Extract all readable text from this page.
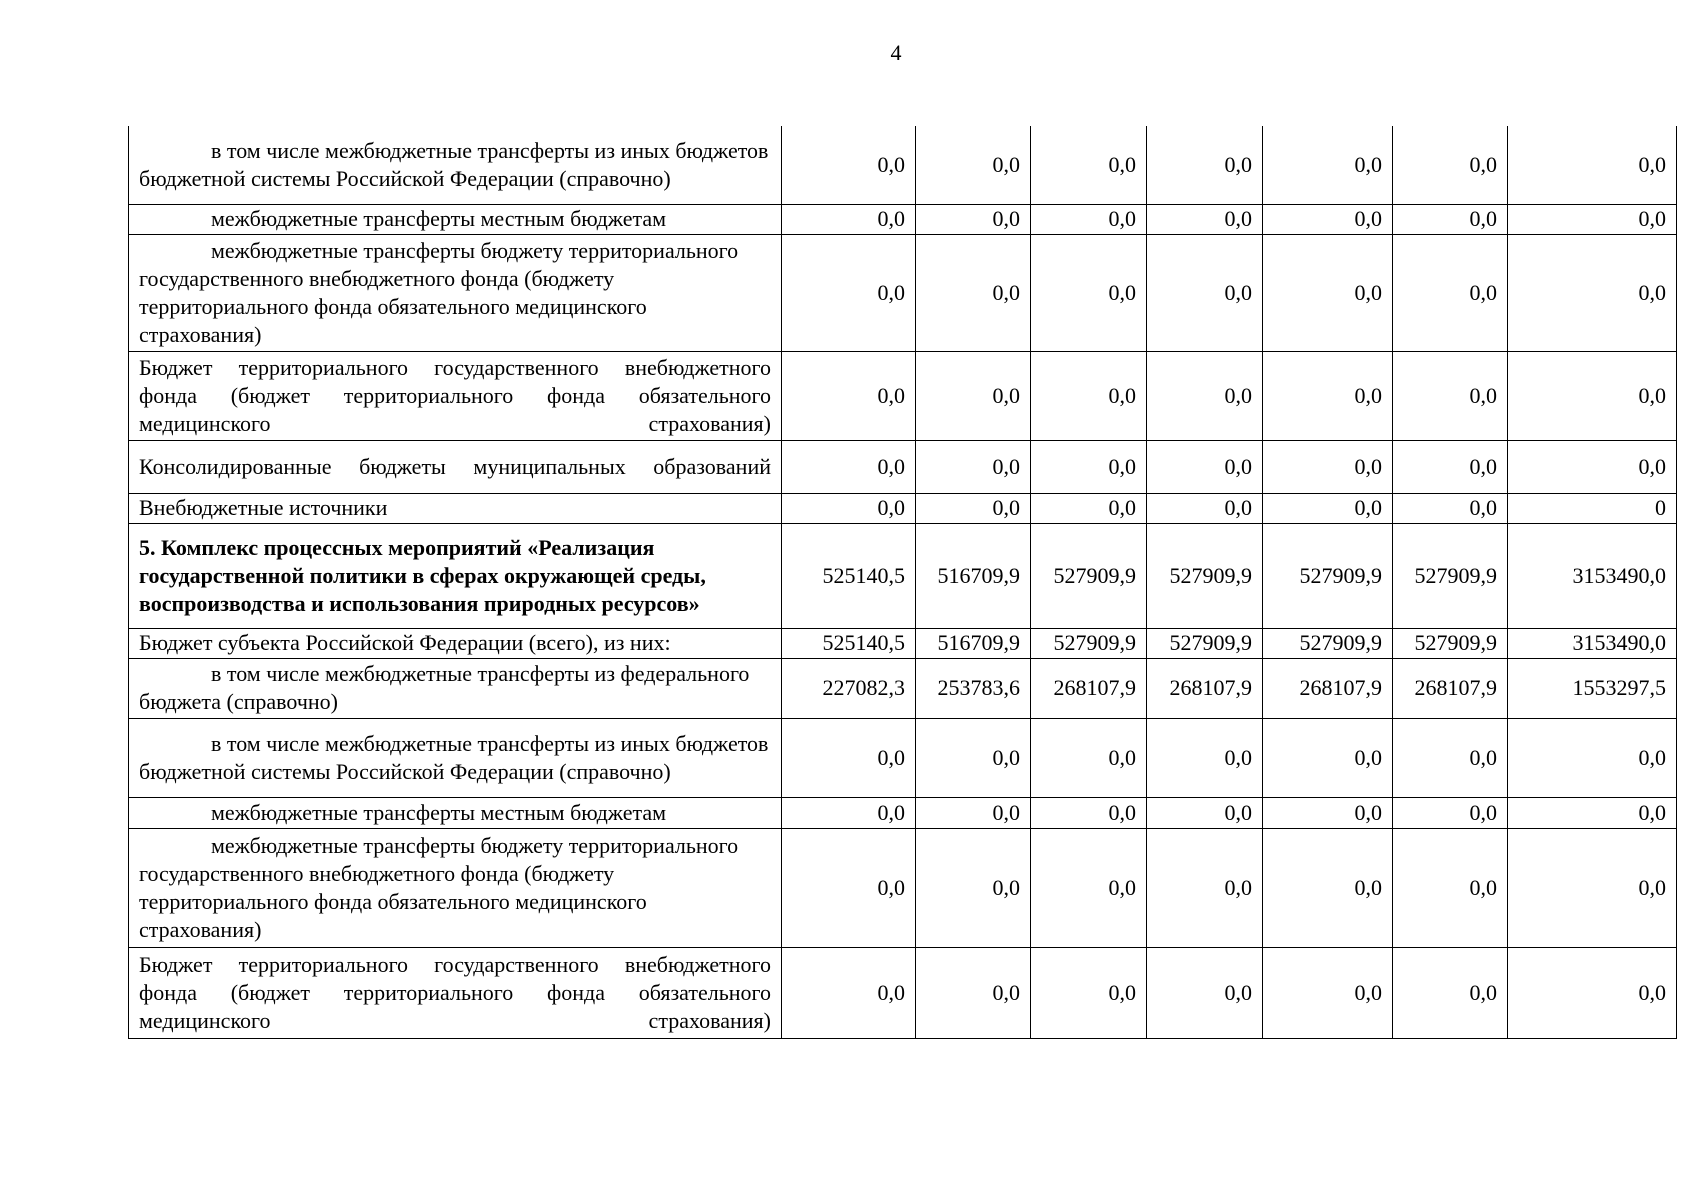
4
в том числе межбюджетные трансферты из иных бюджетов бюджетной системы Российской Федерации (справочно)	0,0	0,0	0,0	0,0	0,0	0,0	0,0
межбюджетные трансферты местным бюджетам	0,0	0,0	0,0	0,0	0,0	0,0	0,0
межбюджетные трансферты бюджету территориального государственного внебюджетного фонда (бюджету территориального фонда обязательного медицинского страхования)	0,0	0,0	0,0	0,0	0,0	0,0	0,0
Бюджет территориального государственного внебюджетного фонда (бюджет территориального фонда обязательного медицинского страхования)	0,0	0,0	0,0	0,0	0,0	0,0	0,0
Консолидированные бюджеты муниципальных образований	0,0	0,0	0,0	0,0	0,0	0,0	0,0
Внебюджетные источники	0,0	0,0	0,0	0,0	0,0	0,0	0
5. Комплекс процессных мероприятий «Реализация государственной политики в сферах окружающей среды, воспроизводства и использования природных ресурсов»	525140,5	516709,9	527909,9	527909,9	527909,9	527909,9	3153490,0
Бюджет субъекта Российской Федерации (всего), из них:	525140,5	516709,9	527909,9	527909,9	527909,9	527909,9	3153490,0
в том числе межбюджетные трансферты из федерального бюджета (справочно)	227082,3	253783,6	268107,9	268107,9	268107,9	268107,9	1553297,5
в том числе межбюджетные трансферты из иных бюджетов бюджетной системы Российской Федерации (справочно)	0,0	0,0	0,0	0,0	0,0	0,0	0,0
межбюджетные трансферты местным бюджетам	0,0	0,0	0,0	0,0	0,0	0,0	0,0
межбюджетные трансферты бюджету территориального государственного внебюджетного фонда (бюджету территориального фонда обязательного медицинского страхования)	0,0	0,0	0,0	0,0	0,0	0,0	0,0
Бюджет территориального государственного внебюджетного фонда (бюджет территориального фонда обязательного медицинского страхования)	0,0	0,0	0,0	0,0	0,0	0,0	0,0
